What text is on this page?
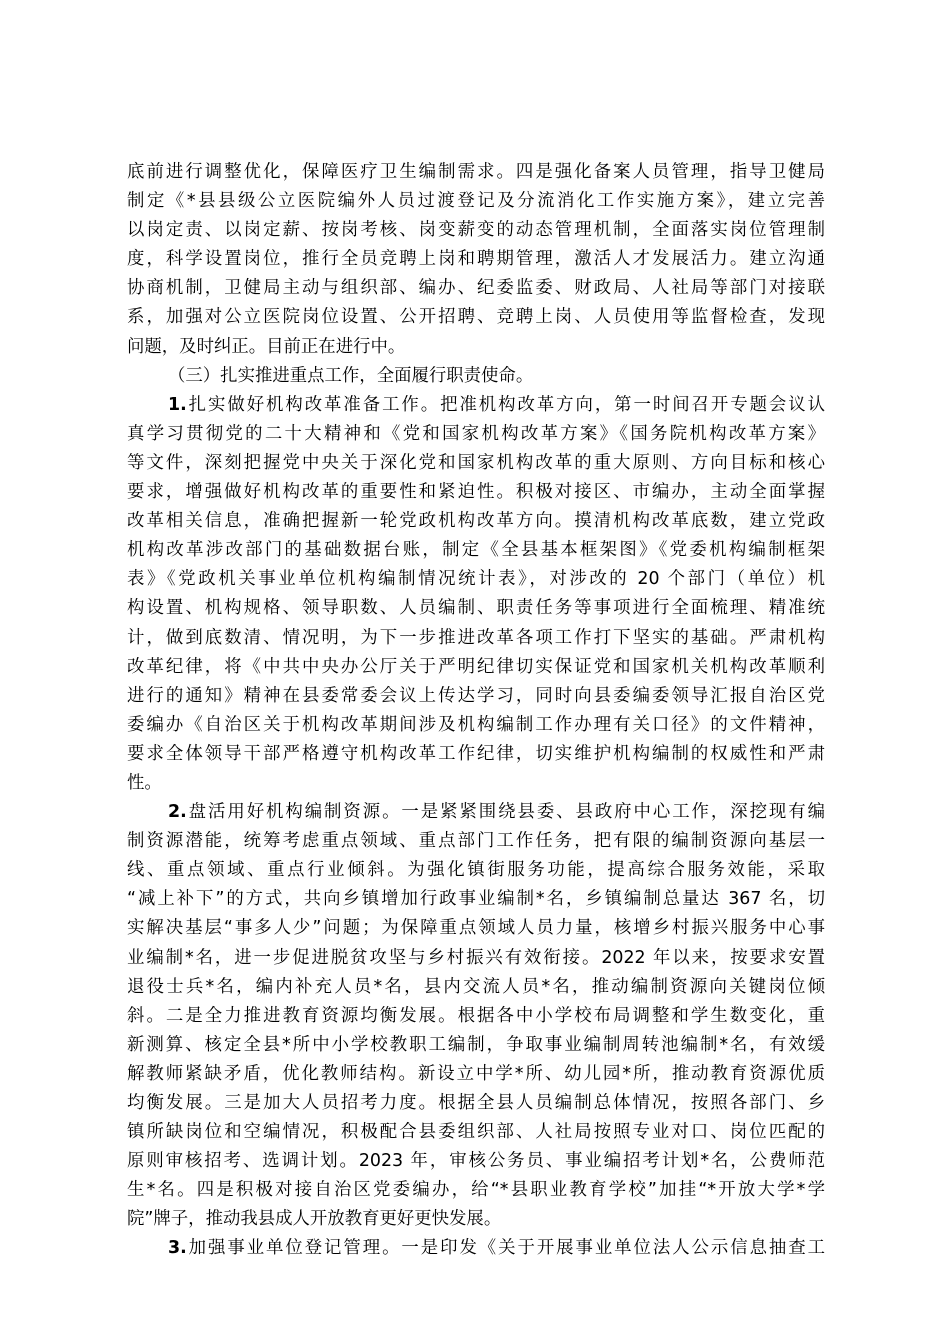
底前进行调整优化，保障医疗卫生编制需求。四是强化备案人员管理，指导卫健局
制定《*县县级公立医院编外人员过渡登记及分流消化工作实施方案》，建立完善
以岗定责、以岗定薪、按岗考核、岗变薪变的动态管理机制，全面落实岗位管理制
度，科学设置岗位，推行全员竞聘上岗和聘期管理，激活人才发展活力。建立沟通
协商机制，卫健局主动与组织部、编办、纪委监委、财政局、人社局等部门对接联
系，加强对公立医院岗位设置、公开招聘、竞聘上岗、人员使用等监督检查，发现
问题，及时纠正。目前正在进行中。
（三）扎实推进重点工作，全面履行职责使命。
1.扎实做好机构改革准备工作。把准机构改革方向，第一时间召开专题会议认
真学习贯彻党的二十大精神和《党和国家机构改革方案》《国务院机构改革方案》
等文件，深刻把握党中央关于深化党和国家机构改革的重大原则、方向目标和核心
要求，增强做好机构改革的重要性和紧迫性。积极对接区、市编办，主动全面掌握
改革相关信息，准确把握新一轮党政机构改革方向。摸清机构改革底数，建立党政
机构改革涉改部门的基础数据台账，制定《全县基本框架图》《党委机构编制框架
表》《党政机关事业单位机构编制情况统计表》，对涉改的 20 个部门（单位）机
构设置、机构规格、领导职数、人员编制、职责任务等事项进行全面梳理、精准统
计，做到底数清、情况明，为下一步推进改革各项工作打下坚实的基础。严肃机构
改革纪律，将《中共中央办公厅关于严明纪律切实保证党和国家机关机构改革顺利
进行的通知》精神在县委常委会议上传达学习，同时向县委编委领导汇报自治区党
委编办《自治区关于机构改革期间涉及机构编制工作办理有关口径》的文件精神，
要求全体领导干部严格遵守机构改革工作纪律，切实维护机构编制的权威性和严肃
性。
2.盘活用好机构编制资源。一是紧紧围绕县委、县政府中心工作，深挖现有编
制资源潜能，统筹考虑重点领域、重点部门工作任务，把有限的编制资源向基层一
线、重点领域、重点行业倾斜。为强化镇街服务功能，提高综合服务效能，采取
“减上补下”的方式，共向乡镇增加行政事业编制*名，乡镇编制总量达 367 名，切
实解决基层“事多人少”问题；为保障重点领域人员力量，核增乡村振兴服务中心事
业编制*名，进一步促进脱贫攻坚与乡村振兴有效衔接。2022 年以来，按要求安置
退役士兵*名，编内补充人员*名，县内交流人员*名，推动编制资源向关键岗位倾
斜。二是全力推进教育资源均衡发展。根据各中小学校布局调整和学生数变化，重
新测算、核定全县*所中小学校教职工编制，争取事业编制周转池编制*名，有效缓
解教师紧缺矛盾，优化教师结构。新设立中学*所、幼儿园*所，推动教育资源优质
均衡发展。三是加大人员招考力度。根据全县人员编制总体情况，按照各部门、乡
镇所缺岗位和空编情况，积极配合县委组织部、人社局按照专业对口、岗位匹配的
原则审核招考、选调计划。2023 年，审核公务员、事业编招考计划*名，公费师范
生*名。四是积极对接自治区党委编办，给“*县职业教育学校”加挂“*开放大学*学
院”牌子，推动我县成人开放教育更好更快发展。
3.加强事业单位登记管理。一是印发《关于开展事业单位法人公示信息抽查工
